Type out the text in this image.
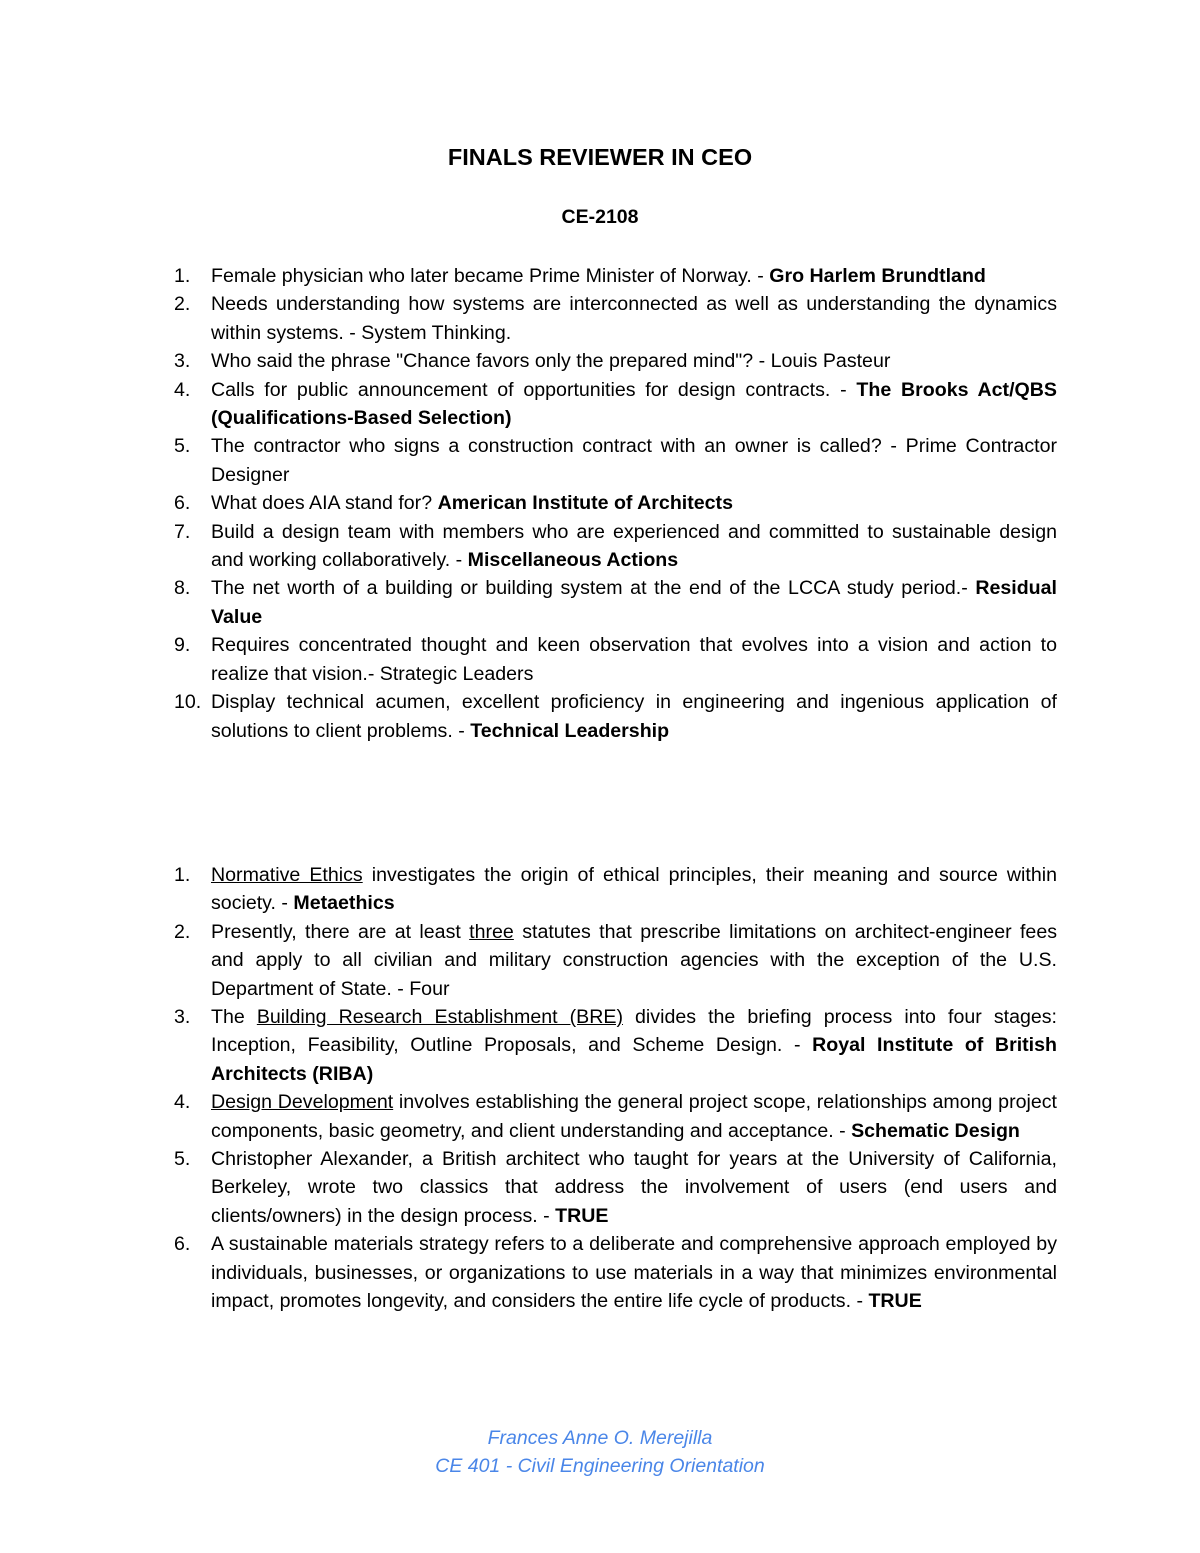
FINALS REVIEWER IN CEO
CE-2108
1.	Female physician who later became Prime Minister of Norway. - Gro Harlem Brundtland
2.	Needs understanding how systems are interconnected as well as understanding the dynamics within systems. - System Thinking.
3.	Who said the phrase "Chance favors only the prepared mind"? - Louis Pasteur
4.	Calls for public announcement of opportunities for design contracts. - The Brooks Act/QBS (Qualifications-Based Selection)
5.	The contractor who signs a construction contract with an owner is called? - Prime Contractor Designer
6.	What does AIA stand for? American Institute of Architects
7.	Build a design team with members who are experienced and committed to sustainable design and working collaboratively. - Miscellaneous Actions
8.	The net worth of a building or building system at the end of the LCCA study period.- Residual Value
9.	Requires concentrated thought and keen observation that evolves into a vision and action to realize that vision.- Strategic Leaders
10. Display technical acumen, excellent proficiency in engineering and ingenious application of solutions to client problems. - Technical Leadership
1.	Normative Ethics investigates the origin of ethical principles, their meaning and source within society. - Metaethics
2.	Presently, there are at least three statutes that prescribe limitations on architect-engineer fees and apply to all civilian and military construction agencies with the exception of the U.S. Department of State. - Four
3.	The Building Research Establishment (BRE) divides the briefing process into four stages: Inception, Feasibility, Outline Proposals, and Scheme Design. - Royal Institute of British Architects (RIBA)
4.	Design Development involves establishing the general project scope, relationships among project components, basic geometry, and client understanding and acceptance. - Schematic Design
5.	Christopher Alexander, a British architect who taught for years at the University of California, Berkeley, wrote two classics that address the involvement of users (end users and clients/owners) in the design process. - TRUE
6.	A sustainable materials strategy refers to a deliberate and comprehensive approach employed by individuals, businesses, or organizations to use materials in a way that minimizes environmental impact, promotes longevity, and considers the entire life cycle of products. - TRUE
Frances Anne O. Merejilla
CE 401 - Civil Engineering Orientation
